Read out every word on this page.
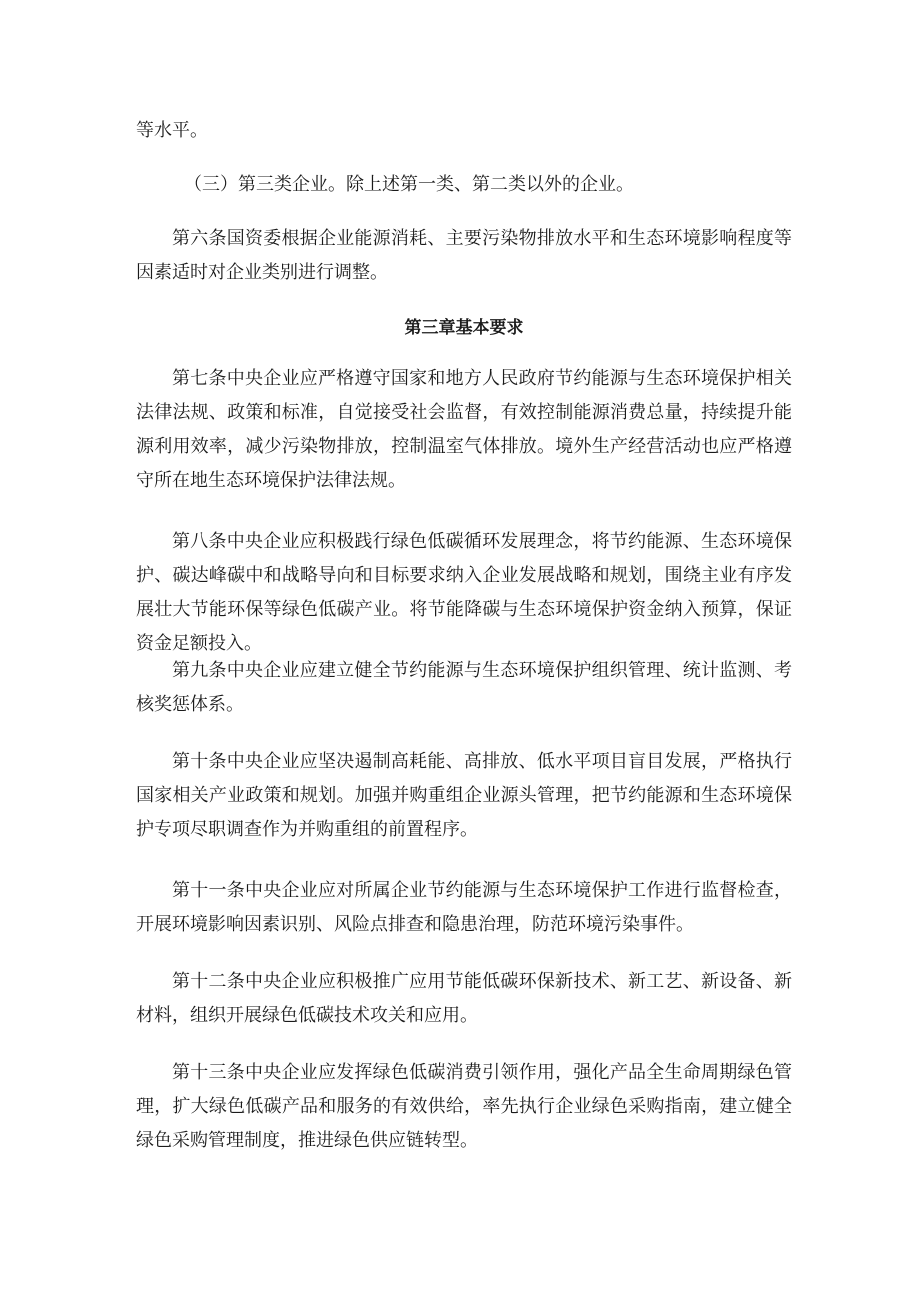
等水平。

（三）第三类企业。除上述第一类、第二类以外的企业。

第六条国资委根据企业能源消耗、主要污染物排放水平和生态环境影响程度等因素适时对企业类别进行调整。

第三章基本要求

第七条中央企业应严格遵守国家和地方人民政府节约能源与生态环境保护相关法律法规、政策和标准，自觉接受社会监督，有效控制能源消费总量，持续提升能源利用效率，减少污染物排放，控制温室气体排放。境外生产经营活动也应严格遵守所在地生态环境保护法律法规。

第八条中央企业应积极践行绿色低碳循环发展理念，将节约能源、生态环境保护、碳达峰碳中和战略导向和目标要求纳入企业发展战略和规划，围绕主业有序发展壮大节能环保等绿色低碳产业。将节能降碳与生态环境保护资金纳入预算，保证资金足额投入。

第九条中央企业应建立健全节约能源与生态环境保护组织管理、统计监测、考核奖惩体系。

第十条中央企业应坚决遏制高耗能、高排放、低水平项目盲目发展，严格执行国家相关产业政策和规划。加强并购重组企业源头管理，把节约能源和生态环境保护专项尽职调查作为并购重组的前置程序。

第十一条中央企业应对所属企业节约能源与生态环境保护工作进行监督检查，开展环境影响因素识别、风险点排查和隐患治理，防范环境污染事件。

第十二条中央企业应积极推广应用节能低碳环保新技术、新工艺、新设备、新材料，组织开展绿色低碳技术攻关和应用。

第十三条中央企业应发挥绿色低碳消费引领作用，强化产品全生命周期绿色管理，扩大绿色低碳产品和服务的有效供给，率先执行企业绿色采购指南，建立健全绿色采购管理制度，推进绿色供应链转型。
